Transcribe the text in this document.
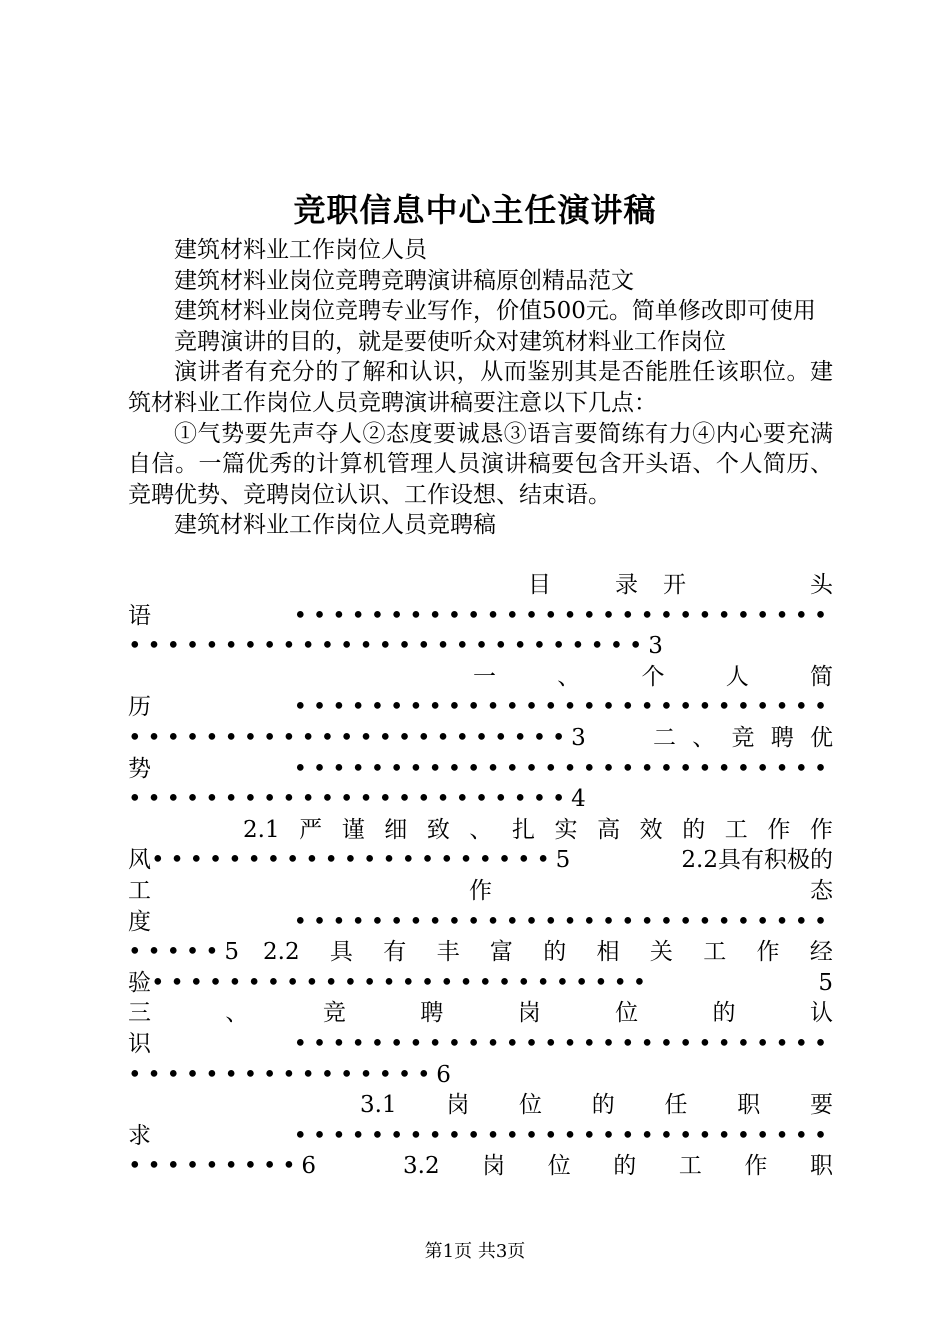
竞职信息中心主任演讲稿

建筑材料业工作岗位人员

建筑材料业岗位竞聘竞聘演讲稿原创精品范文

建筑材料业岗位竞聘专业写作，价值500元。简单修改即可使用

竞聘演讲的目的，就是要使听众对建筑材料业工作岗位

演讲者有充分的了解和认识，从而鉴别其是否能胜任该职位。建筑材料业工作岗位人员竞聘演讲稿要注意以下几点：

①气势要先声夺人②态度要诚恳③语言要简练有力④内心要充满自信。一篇优秀的计算机管理人员演讲稿要包含开头语、个人简历、竞聘优势、竞聘岗位认识、工作设想、结束语。

建筑材料业工作岗位人员竞聘稿

目	录 开	头
语	••••••••••••••••••••••••••••
••••••••••••••••••••••••••• 3
一	、	个	人	简
历	••••••••••••••••••••••••••••
•••••••••••••••••••••••3	二 、 竞 聘 优
势	••••••••••••••••••••••••••••
••••••••••••••••••••••• 4
2.1 严 谨 细 致 、 扎 实 高 效 的 工 作 作
风•••••••••••••••••••••5	2.2具有积极的
工	作	态
度	••••••••••••••••••••••••••••
•••••5 2.2 具 有 丰 富 的 相 关 工 作 经
验••••••••••••••••••••••••••	5
三	、	竞	聘	岗	位	的	认
识	••••••••••••••••••••••••••••
•••••••••••••••• 6
3.1 岗 位 的 任 职 要
求	••••••••••••••••••••••••••••
•••••••••6	3.2 岗 位 的 工 作 职
第1页 共3页
